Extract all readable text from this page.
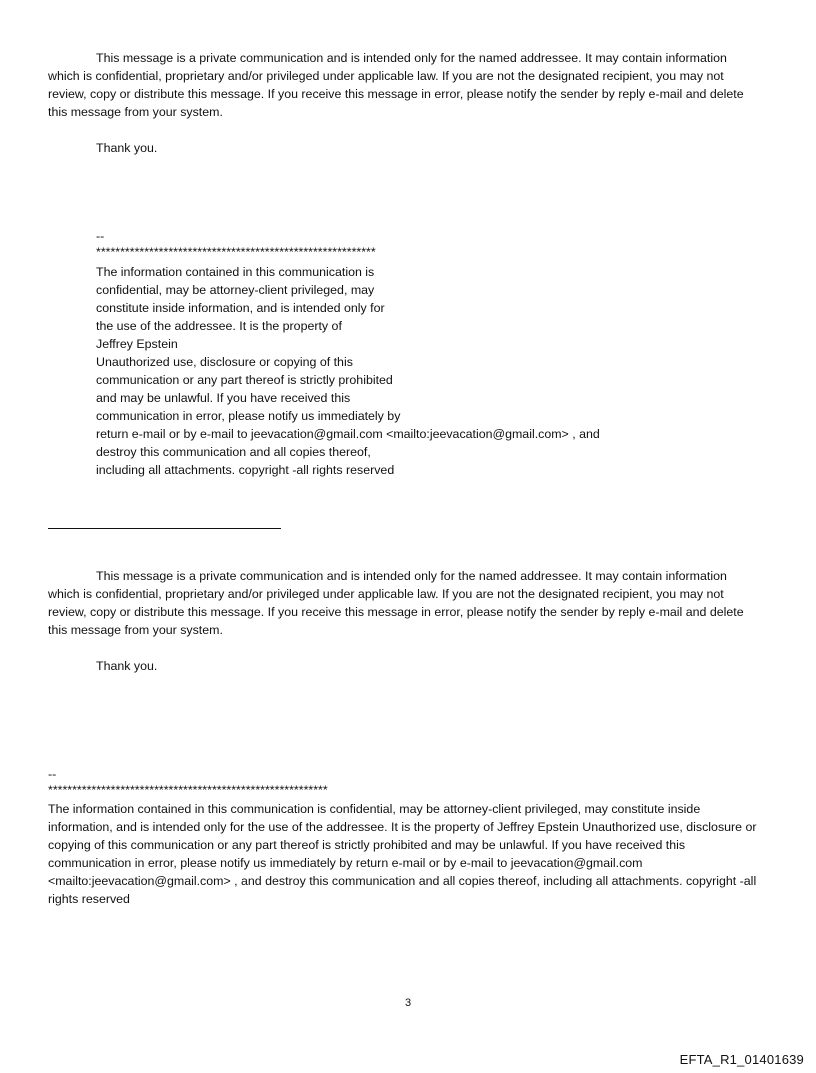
This message is a private communication and is intended only for the named addressee. It may contain information which is confidential, proprietary and/or privileged under applicable law. If you are not the designated recipient, you may not review, copy or distribute this message. If you receive this message in error, please notify the sender by reply e-mail and delete this message from your system.

Thank you.

--

**********************************************************

The information contained in this communication is
confidential, may be attorney-client privileged, may
constitute inside information, and is intended only for
the use of the addressee. It is the property of
Jeffrey Epstein
Unauthorized use, disclosure or copying of this
communication or any part thereof is strictly prohibited
and may be unlawful. If you have received this
communication in error, please notify us immediately by
return e-mail or by e-mail to jeevacation@gmail.com <mailto:jeevacation@gmail.com> , and
destroy this communication and all copies thereof,
including all attachments. copyright -all rights reserved

This message is a private communication and is intended only for the named addressee. It may contain information which is confidential, proprietary and/or privileged under applicable law. If you are not the designated recipient, you may not review, copy or distribute this message. If you receive this message in error, please notify the sender by reply e-mail and delete this message from your system.

Thank you.

--

**********************************************************

The information contained in this communication is confidential, may be attorney-client privileged, may constitute inside information, and is intended only for the use of the addressee. It is the property of Jeffrey Epstein Unauthorized use, disclosure or copying of this communication or any part thereof is strictly prohibited and may be unlawful. If you have received this communication in error, please notify us immediately by return e-mail or by e-mail to jeevacation@gmail.com <mailto:jeevacation@gmail.com> , and destroy this communication and all copies thereof, including all attachments. copyright -all rights reserved

3
EFTA_R1_01401639
